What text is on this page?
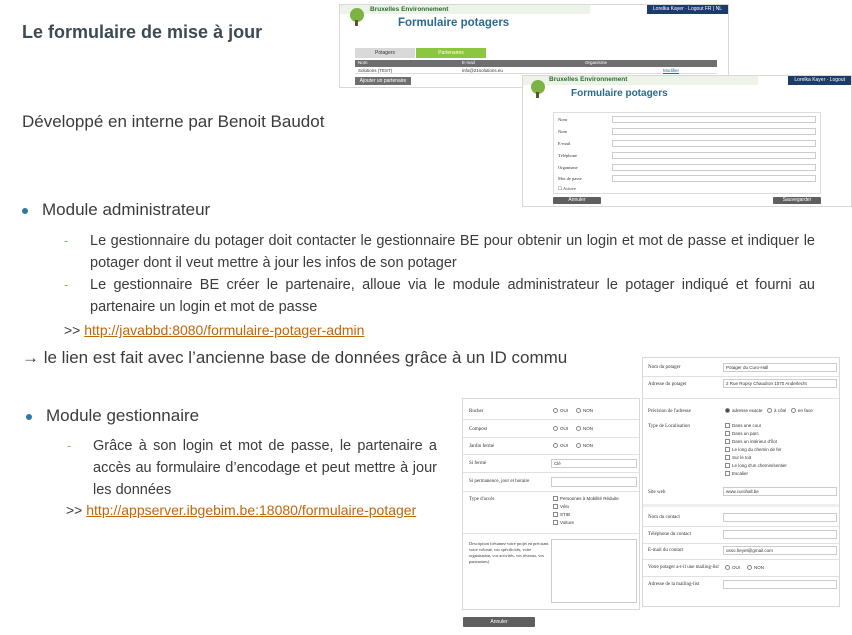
Le formulaire de mise à jour
Développé en interne par Benoit Baudot
Module administrateur
- Le gestionnaire du potager doit contacter le gestionnaire BE pour obtenir un login et mot de passe et indiquer le potager dont il veut mettre à jour les infos de son potager
- Le gestionnaire BE créer le partenaire, alloue via le module administrateur le potager indiqué et fourni au partenaire un login et mot de passe
>> http://javabbd:8080/formulaire-potager-admin
→ le lien est fait avec l’ancienne base de données grâce à un ID commu
Module gestionnaire
- Grâce à son login et mot de passe, le partenaire a accès au formulaire d’encodage et peut mettre à jour les données
>> http://appserver.ibgebim.be:18080/formulaire-potager
Lorelka Kayer · Logout FR | NL
Bruxelles Environnement
Formulaire potagers
Potagers	Partenaires
Nom	E-mail	Organisme
Solutions (TEST)	info@21solutions.eu	Modifier
Ajouter un partenaire	Lorelka Kayer · Logout
Bruxelles Environnement
Formulaire potagers
Nom
Nom
E-mail
Téléphone
Organisme
Mot de passe
☐ Actuve
Annuler	Sauvegarder
Rucher	OUI	NON
Compost	OUI	NON
Jardin fermé	OUI	NON
Si fermé	Clé
Si permanence, jour et horaire
Type d'accès	Personnes à Mobilité Réduite
Vélo
STIB
Voiture
Description (résumez votre projet en précisant votre volonté, vos spécificités, votre organisation, vos activités, vos réseaux, vos partenaires)
Annuler
Nom du potager	Potager du Curo-Hall
Adresse du potager	2 Rue Ropsy Chaudron 1070 Anderlecht
Précision de l'adresse	adresse exacte	à côté	en face
Type de Localisation	Dans une cour
Dans un parc
Dans un intérieur d'îlot
Le long du chemin de fer
Sur le toit
Le long d'un chemin/sentier
Escalier
Site web	www.curohall.be
Nom du contact
Téléphone du contact
E-mail du contact	osso.heyet@gmail.com
Votre potager a-t-il une mailing-list	OUI	NON
Adresse de la mailing-list
